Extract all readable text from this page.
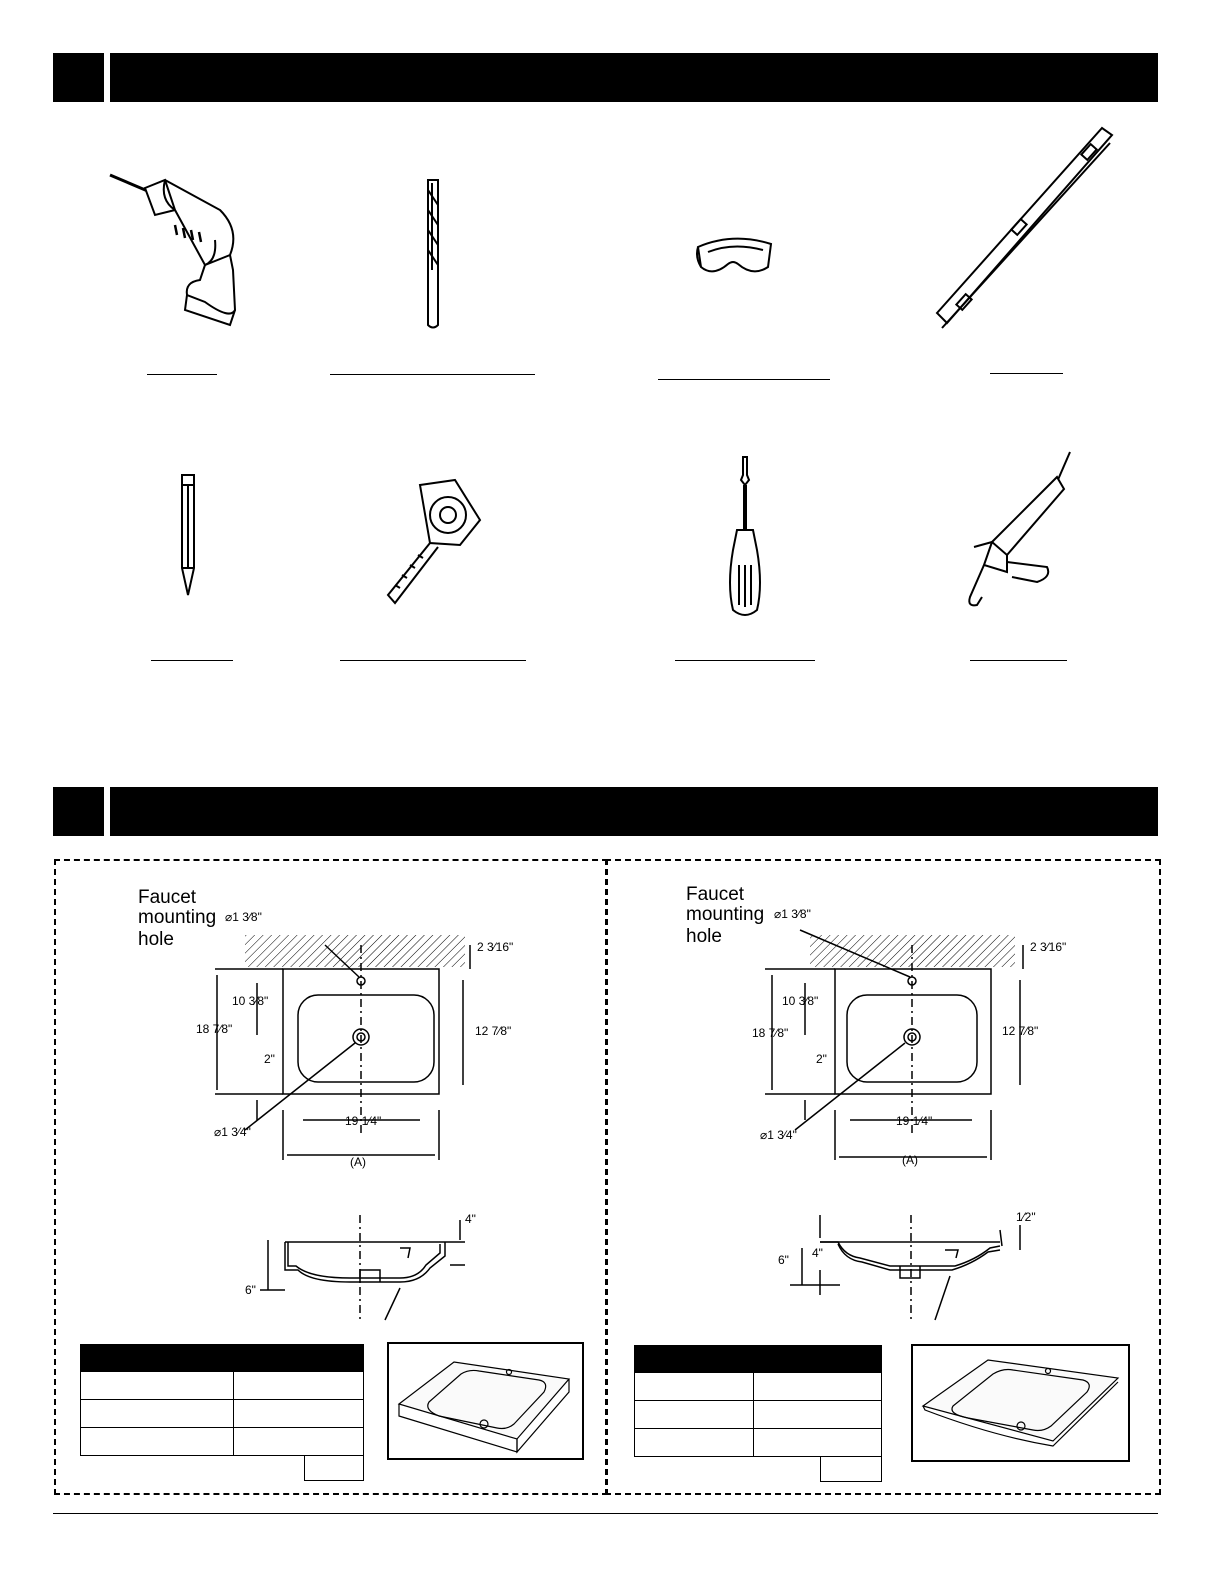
Faucet
mounting
hole
⌀1 3⁄8"
2 3⁄16"
18 7⁄8"
10 3⁄8"
12 7⁄8"
2"
⌀1 3⁄4"
19 1⁄4"
(A)
4"
6"

Faucet
mounting
hole
⌀1 3⁄8"
2 3⁄16"
18 7⁄8"
10 3⁄8"
12 7⁄8"
2"
⌀1 3⁄4"
19 1⁄4"
(A)
1⁄2"
4"
6"
